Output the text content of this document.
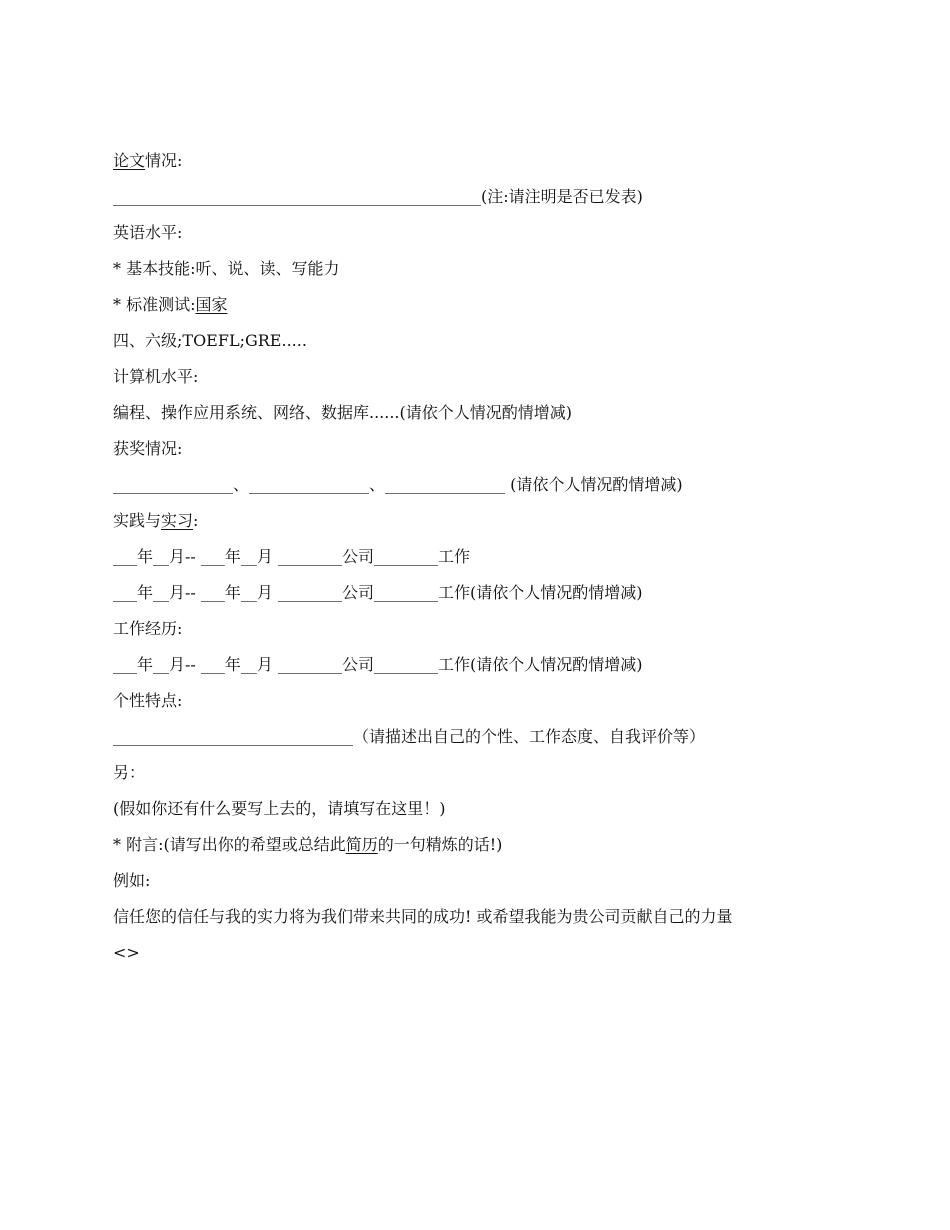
论文情况:
______________________________________________(注:请注明是否已发表)
英语水平:
* 基本技能:听、说、读、写能力
* 标准测试:国家
四、六级;TOEFL;GRE.....
计算机水平:
编程、操作应用系统、网络、数据库......(请依个人情况酌情增减)
获奖情况:
_______________、_______________、_______________ (请依个人情况酌情增减)
实践与实习:
___年__月-- ___年__月 ________公司________工作
___年__月-- ___年__月 ________公司________工作(请依个人情况酌情增减)
工作经历:
___年__月-- ___年__月 ________公司________工作(请依个人情况酌情增减)
个性特点:
______________________________（请描述出自己的个性、工作态度、自我评价等）
另：
(假如你还有什么要写上去的，请填写在这里！)
* 附言:(请写出你的希望或总结此简历的一句精炼的话!)
例如:
信任您的信任与我的实力将为我们带来共同的成功! 或希望我能为贵公司贡献自己的力量
<>
